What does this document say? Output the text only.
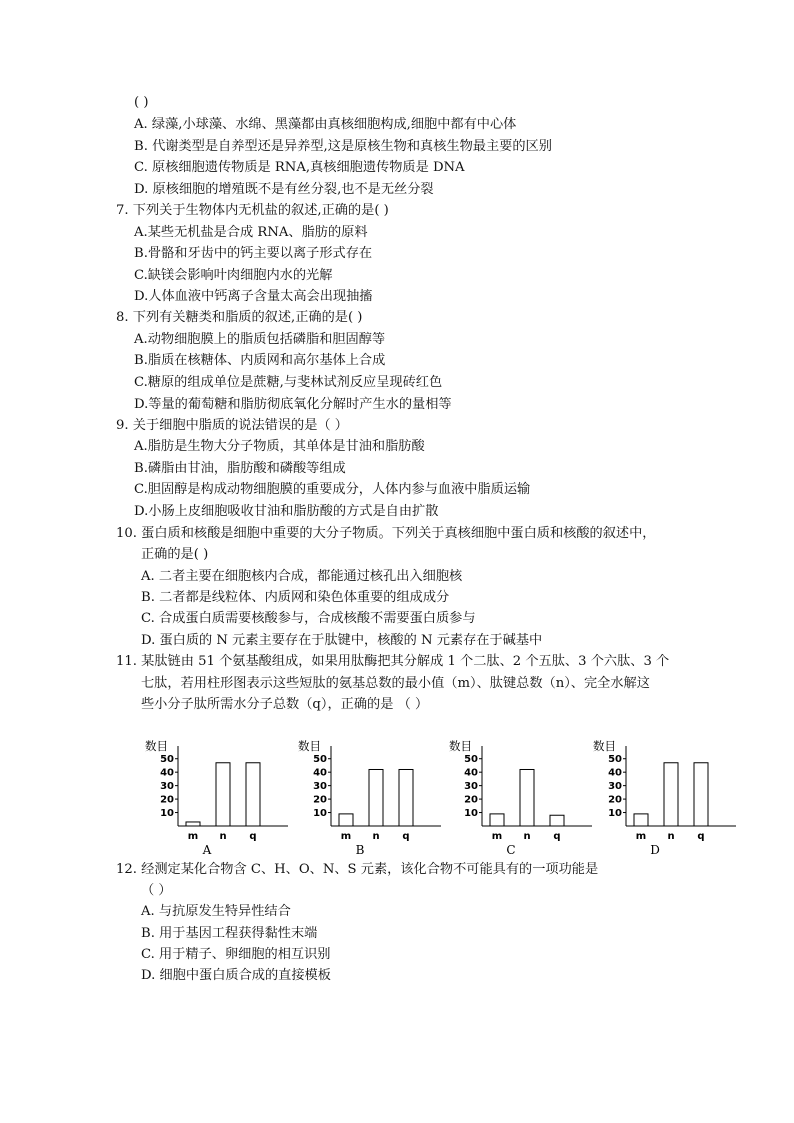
( )
A. 绿藻,小球藻、水绵、黑藻都由真核细胞构成,细胞中都有中心体
B. 代谢类型是自养型还是异养型,这是原核生物和真核生物最主要的区别
C. 原核细胞遗传物质是 RNA,真核细胞遗传物质是 DNA
D. 原核细胞的增殖既不是有丝分裂,也不是无丝分裂
7. 下列关于生物体内无机盐的叙述,正确的是( )
A.某些无机盐是合成 RNA、脂肪的原料
B.骨骼和牙齿中的钙主要以离子形式存在
C.缺镁会影响叶肉细胞内水的光解
D.人体血液中钙离子含量太高会出现抽搐
8. 下列有关糖类和脂质的叙述,正确的是( )
A.动物细胞膜上的脂质包括磷脂和胆固醇等
B.脂质在核糖体、内质网和高尔基体上合成
C.糖原的组成单位是蔗糖,与斐林试剂反应呈现砖红色
D.等量的葡萄糖和脂肪彻底氧化分解时产生水的量相等
9. 关于细胞中脂质的说法错误的是（ ）
A.脂肪是生物大分子物质，其单体是甘油和脂肪酸
B.磷脂由甘油，脂肪酸和磷酸等组成
C.胆固醇是构成动物细胞膜的重要成分，人体内参与血液中脂质运输
D.小肠上皮细胞吸收甘油和脂肪酸的方式是自由扩散
10. 蛋白质和核酸是细胞中重要的大分子物质。下列关于真核细胞中蛋白质和核酸的叙述中，
正确的是( )
A. 二者主要在细胞核内合成，都能通过核孔出入细胞核
B. 二者都是线粒体、内质网和染色体重要的组成成分
C. 合成蛋白质需要核酸参与，合成核酸不需要蛋白质参与
D. 蛋白质的 N 元素主要存在于肽键中，核酸的 N 元素存在于碱基中
11. 某肽链由 51 个氨基酸组成，如果用肽酶把其分解成 1 个二肽、2 个五肽、3 个六肽、3 个
七肽，若用柱形图表示这些短肽的氨基总数的最小值（m）、肽键总数（n）、完全水解这
些小分子肽所需水分子总数（q），正确的是 （ ）
数目
10
20
30
40
50
m n q
A
数目
10
20
30
40
50
m n q
B
数目
10
20
30
40
50
m n q
C
数目
10
20
30
40
50
m n q
D
12. 经测定某化合物含 C、H、O、N、S 元素，该化合物不可能具有的一项功能是
（ ）
A. 与抗原发生特异性结合
B. 用于基因工程获得黏性末端
C. 用于精子、卵细胞的相互识别
D. 细胞中蛋白质合成的直接模板
